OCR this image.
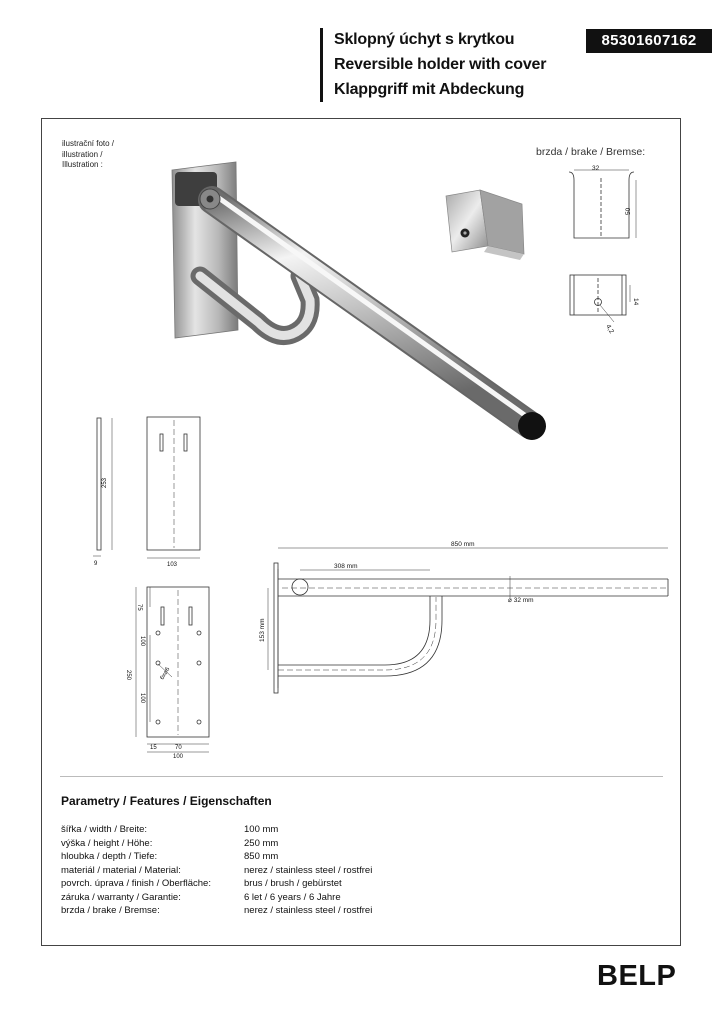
Sklopný úchyt s krytkou
Reversible holder with cover
Klappgriff mit Abdeckung
85301607162
ilustrační foto /
illustration /
Illustration :
brzda / brake / Bremse:
32
50
14
4,2
253
9	103
75
100
250
100
15	70
100
6x⌀6
850 mm
308 mm
⌀ 32 mm
153 mm
Parametry / Features / Eigenschaften
šířka / width / Breite:	100 mm
výška / height / Höhe:	250 mm
hloubka / depth / Tiefe:	850 mm
materiál / material / Material:	nerez / stainless steel / rostfrei
povrch. úprava / finish / Oberfläche:	brus / brush / gebürstet
záruka / warranty / Garantie:	6 let / 6 years / 6 Jahre
brzda / brake / Bremse:	nerez / stainless steel / rostfrei
BELP
